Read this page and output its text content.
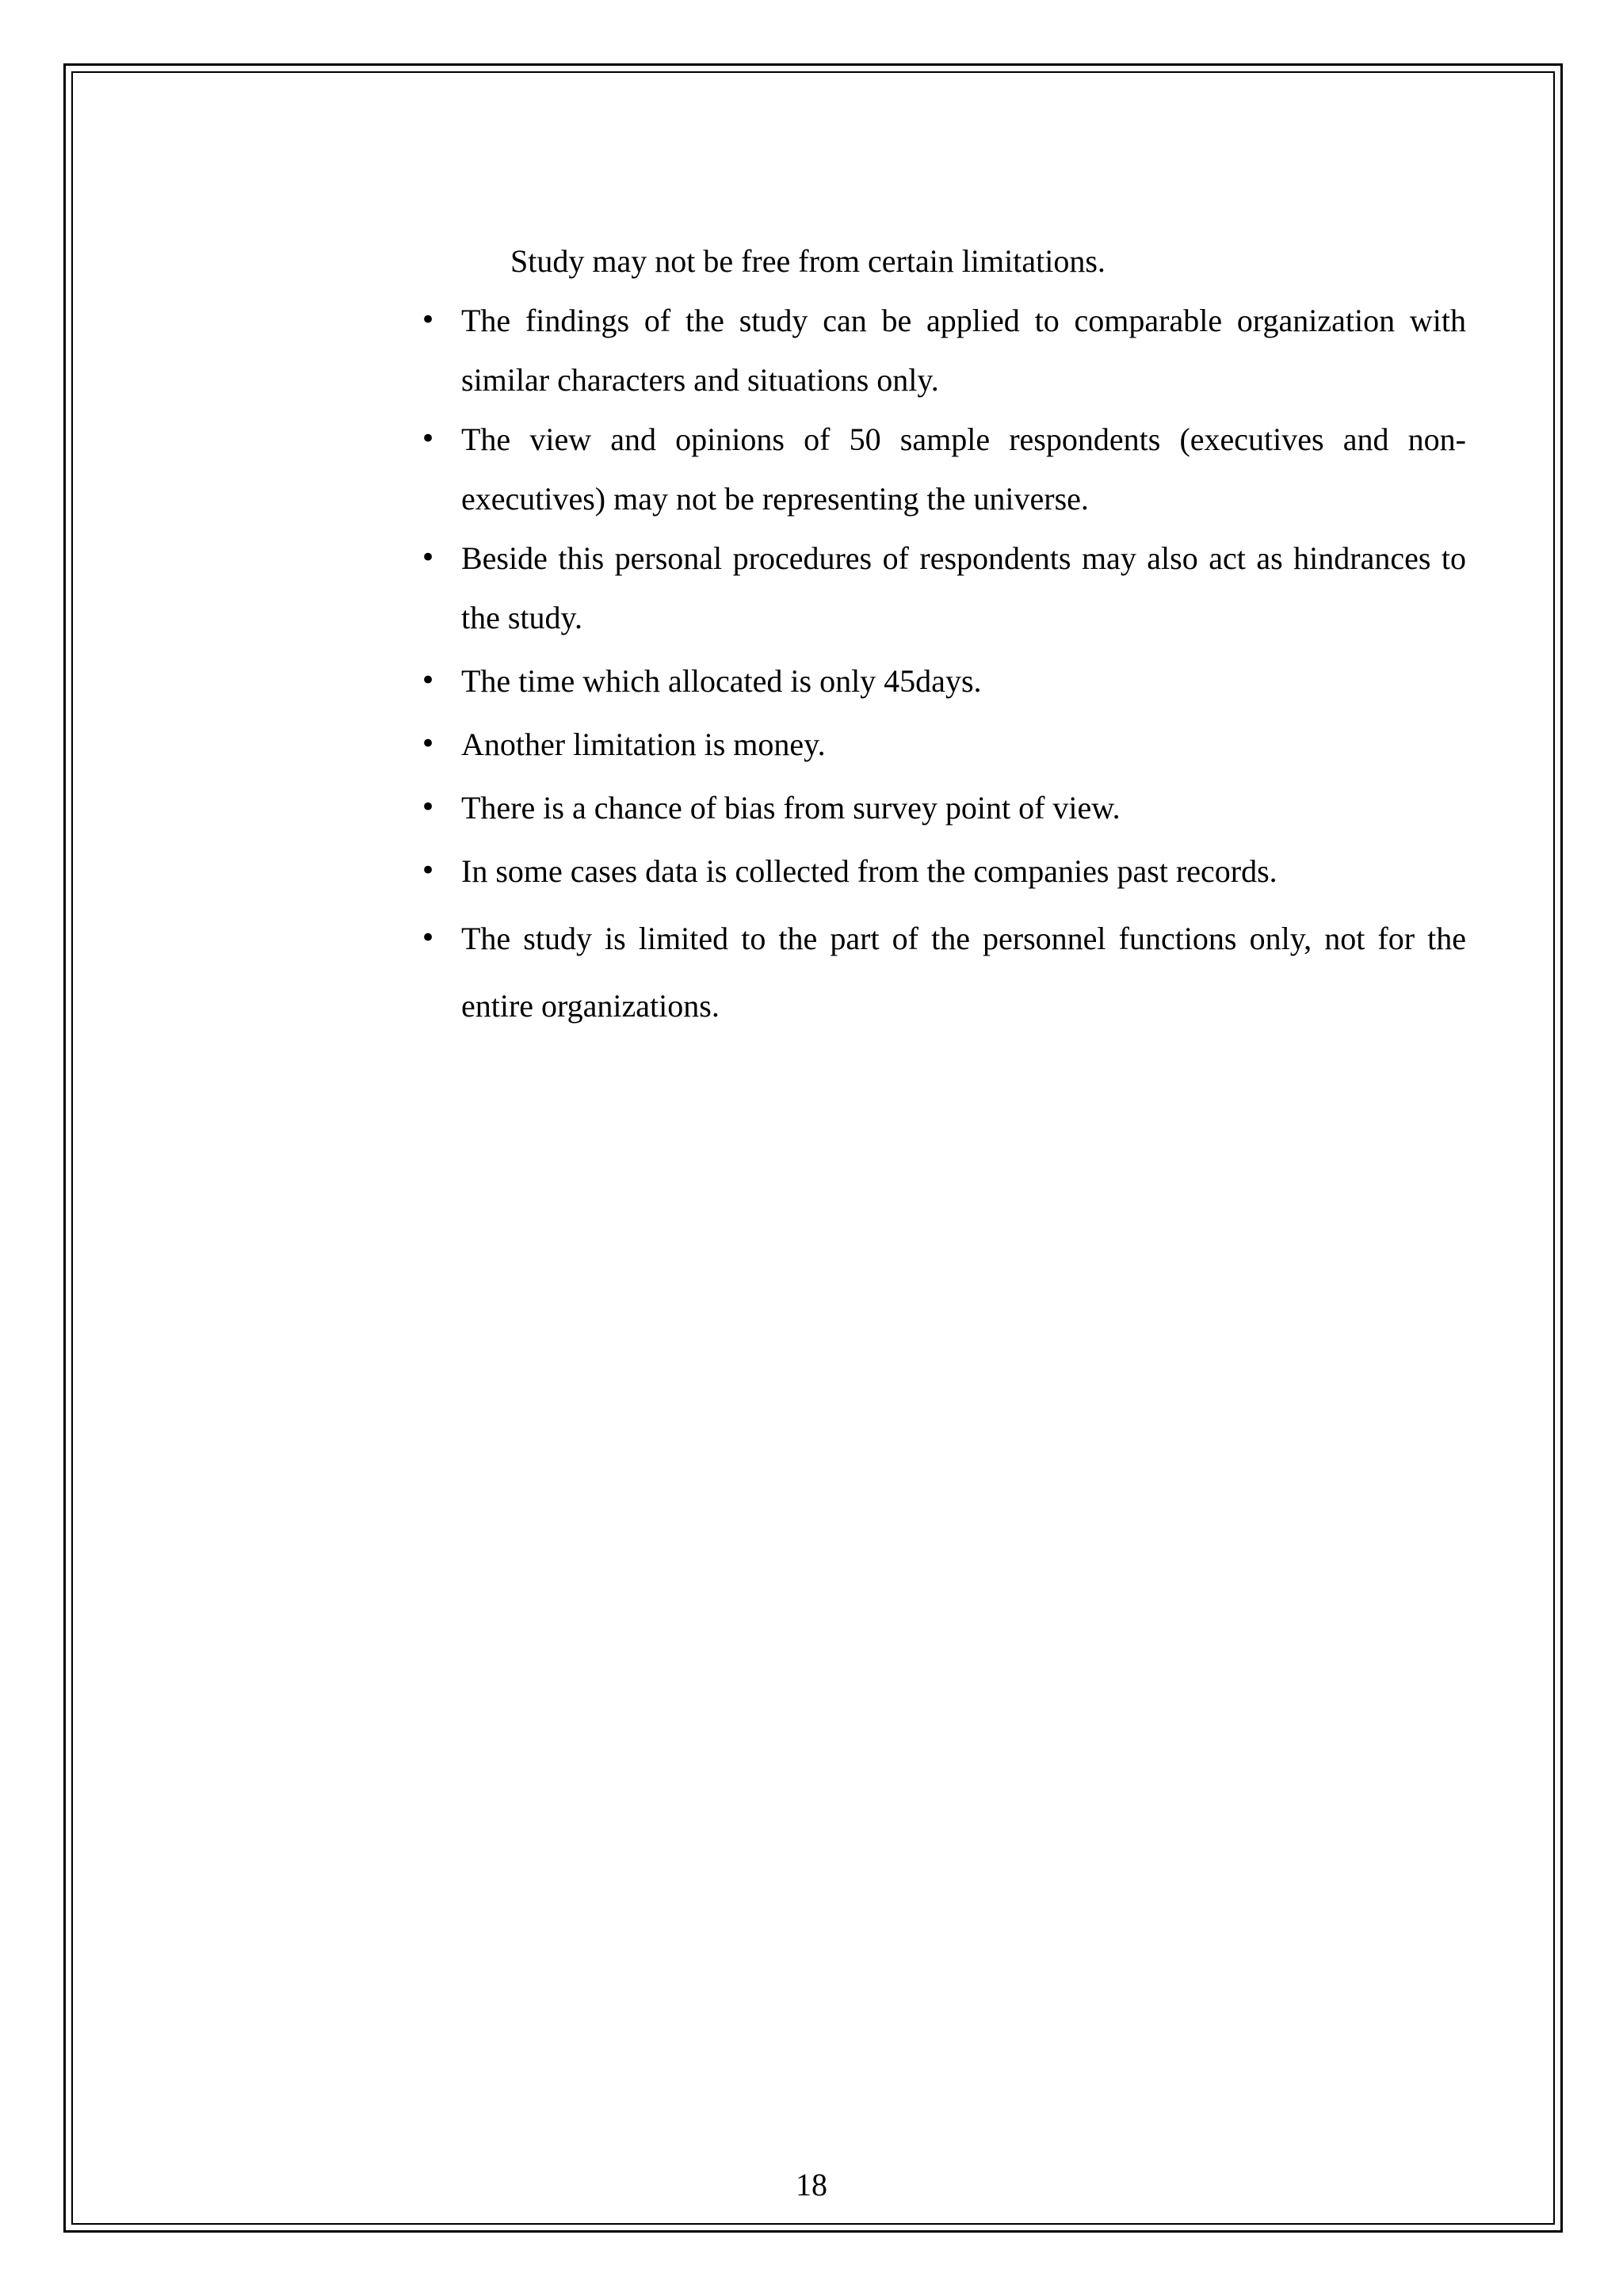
Study may not be free from certain limitations.

• The findings of the study can be applied to comparable organization with similar characters and situations only.
• The view and opinions of 50 sample respondents (executives and non-executives) may not be representing the universe.
• Beside this personal procedures of respondents may also act as hindrances to the study.
• The time which allocated is only 45days.
• Another limitation is money.
• There is a chance of bias from survey point of view.
• In some cases data is collected from the companies past records.
• The study is limited to the part of the personnel functions only, not for the entire organizations.
18
